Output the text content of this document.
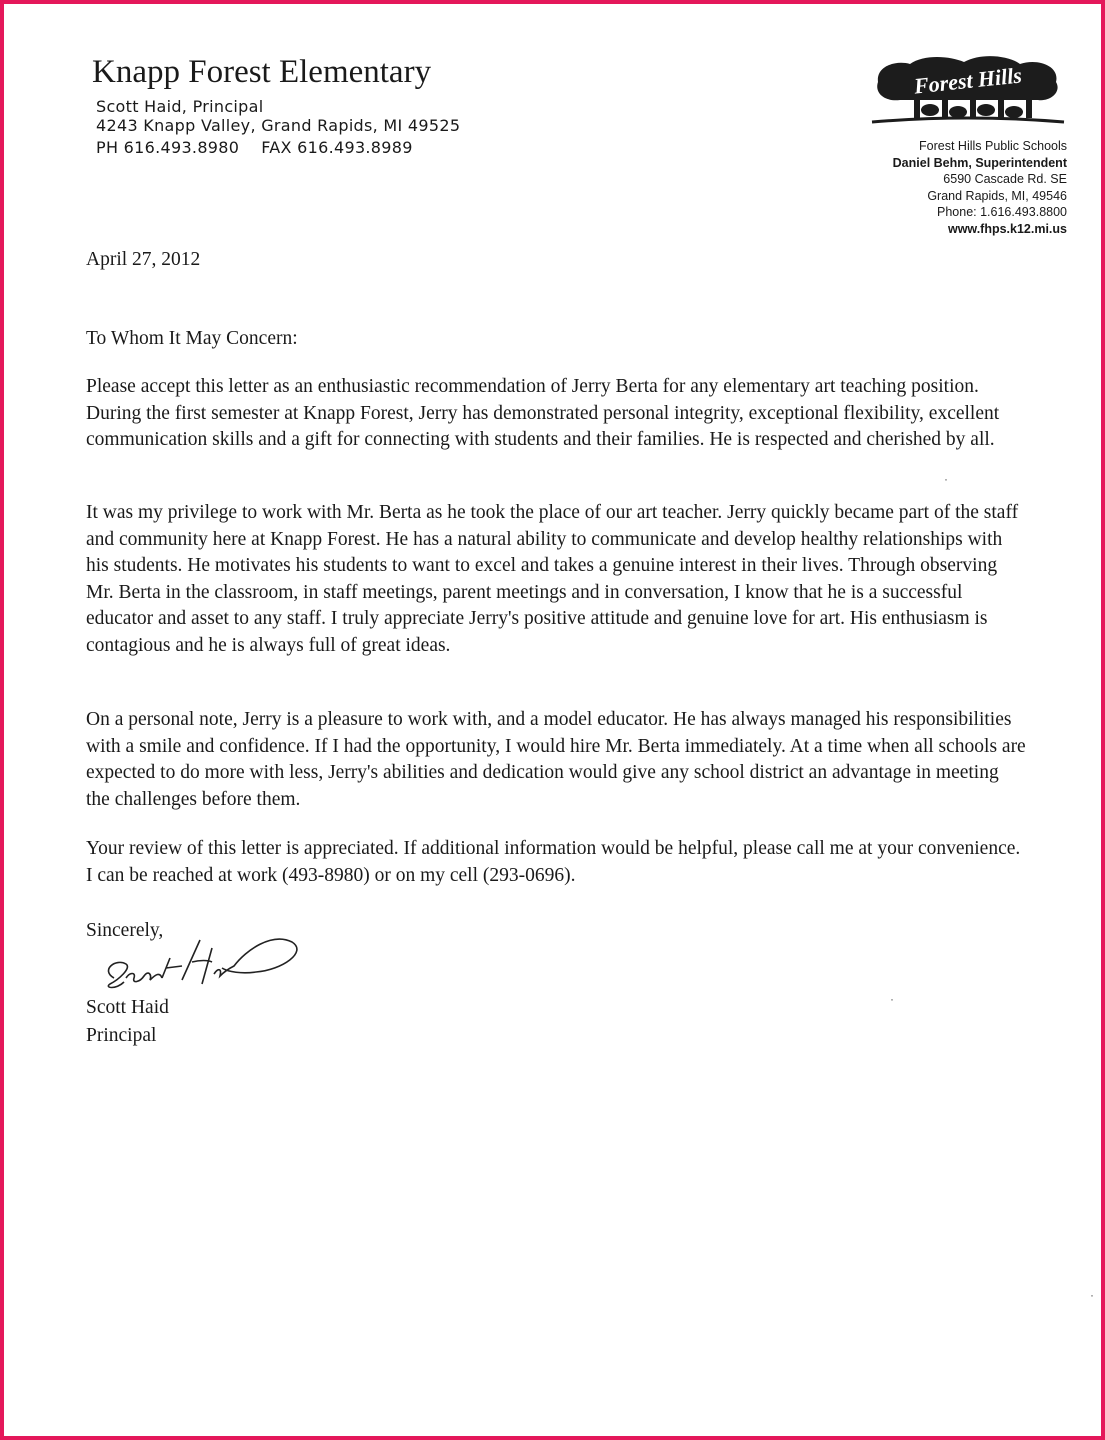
Knapp Forest Elementary
Scott Haid, Principal
4243 Knapp Valley, Grand Rapids, MI 49525
PH 616.493.8980 FAX 616.493.8989
Forest Hills
Forest Hills Public Schools
Daniel Behm, Superintendent
6590 Cascade Rd. SE
Grand Rapids, MI, 49546
Phone: 1.616.493.8800
www.fhps.k12.mi.us
April 27, 2012
To Whom It May Concern:
Please accept this letter as an enthusiastic recommendation of Jerry Berta for any elementary art teaching position. During the first semester at Knapp Forest, Jerry has demonstrated personal integrity, exceptional flexibility, excellent communication skills and a gift for connecting with students and their families. He is respected and cherished by all.
It was my privilege to work with Mr. Berta as he took the place of our art teacher. Jerry quickly became part of the staff and community here at Knapp Forest. He has a natural ability to communicate and develop healthy relationships with his students. He motivates his students to want to excel and takes a genuine interest in their lives. Through observing Mr. Berta in the classroom, in staff meetings, parent meetings and in conversation, I know that he is a successful educator and asset to any staff. I truly appreciate Jerry's positive attitude and genuine love for art. His enthusiasm is contagious and he is always full of great ideas.
On a personal note, Jerry is a pleasure to work with, and a model educator. He has always managed his responsibilities with a smile and confidence. If I had the opportunity, I would hire Mr. Berta immediately. At a time when all schools are expected to do more with less, Jerry's abilities and dedication would give any school district an advantage in meeting the challenges before them.
Your review of this letter is appreciated. If additional information would be helpful, please call me at your convenience. I can be reached at work (493-8980) or on my cell (293-0696).
Sincerely,
Scott Haid
Principal
·
·
·
